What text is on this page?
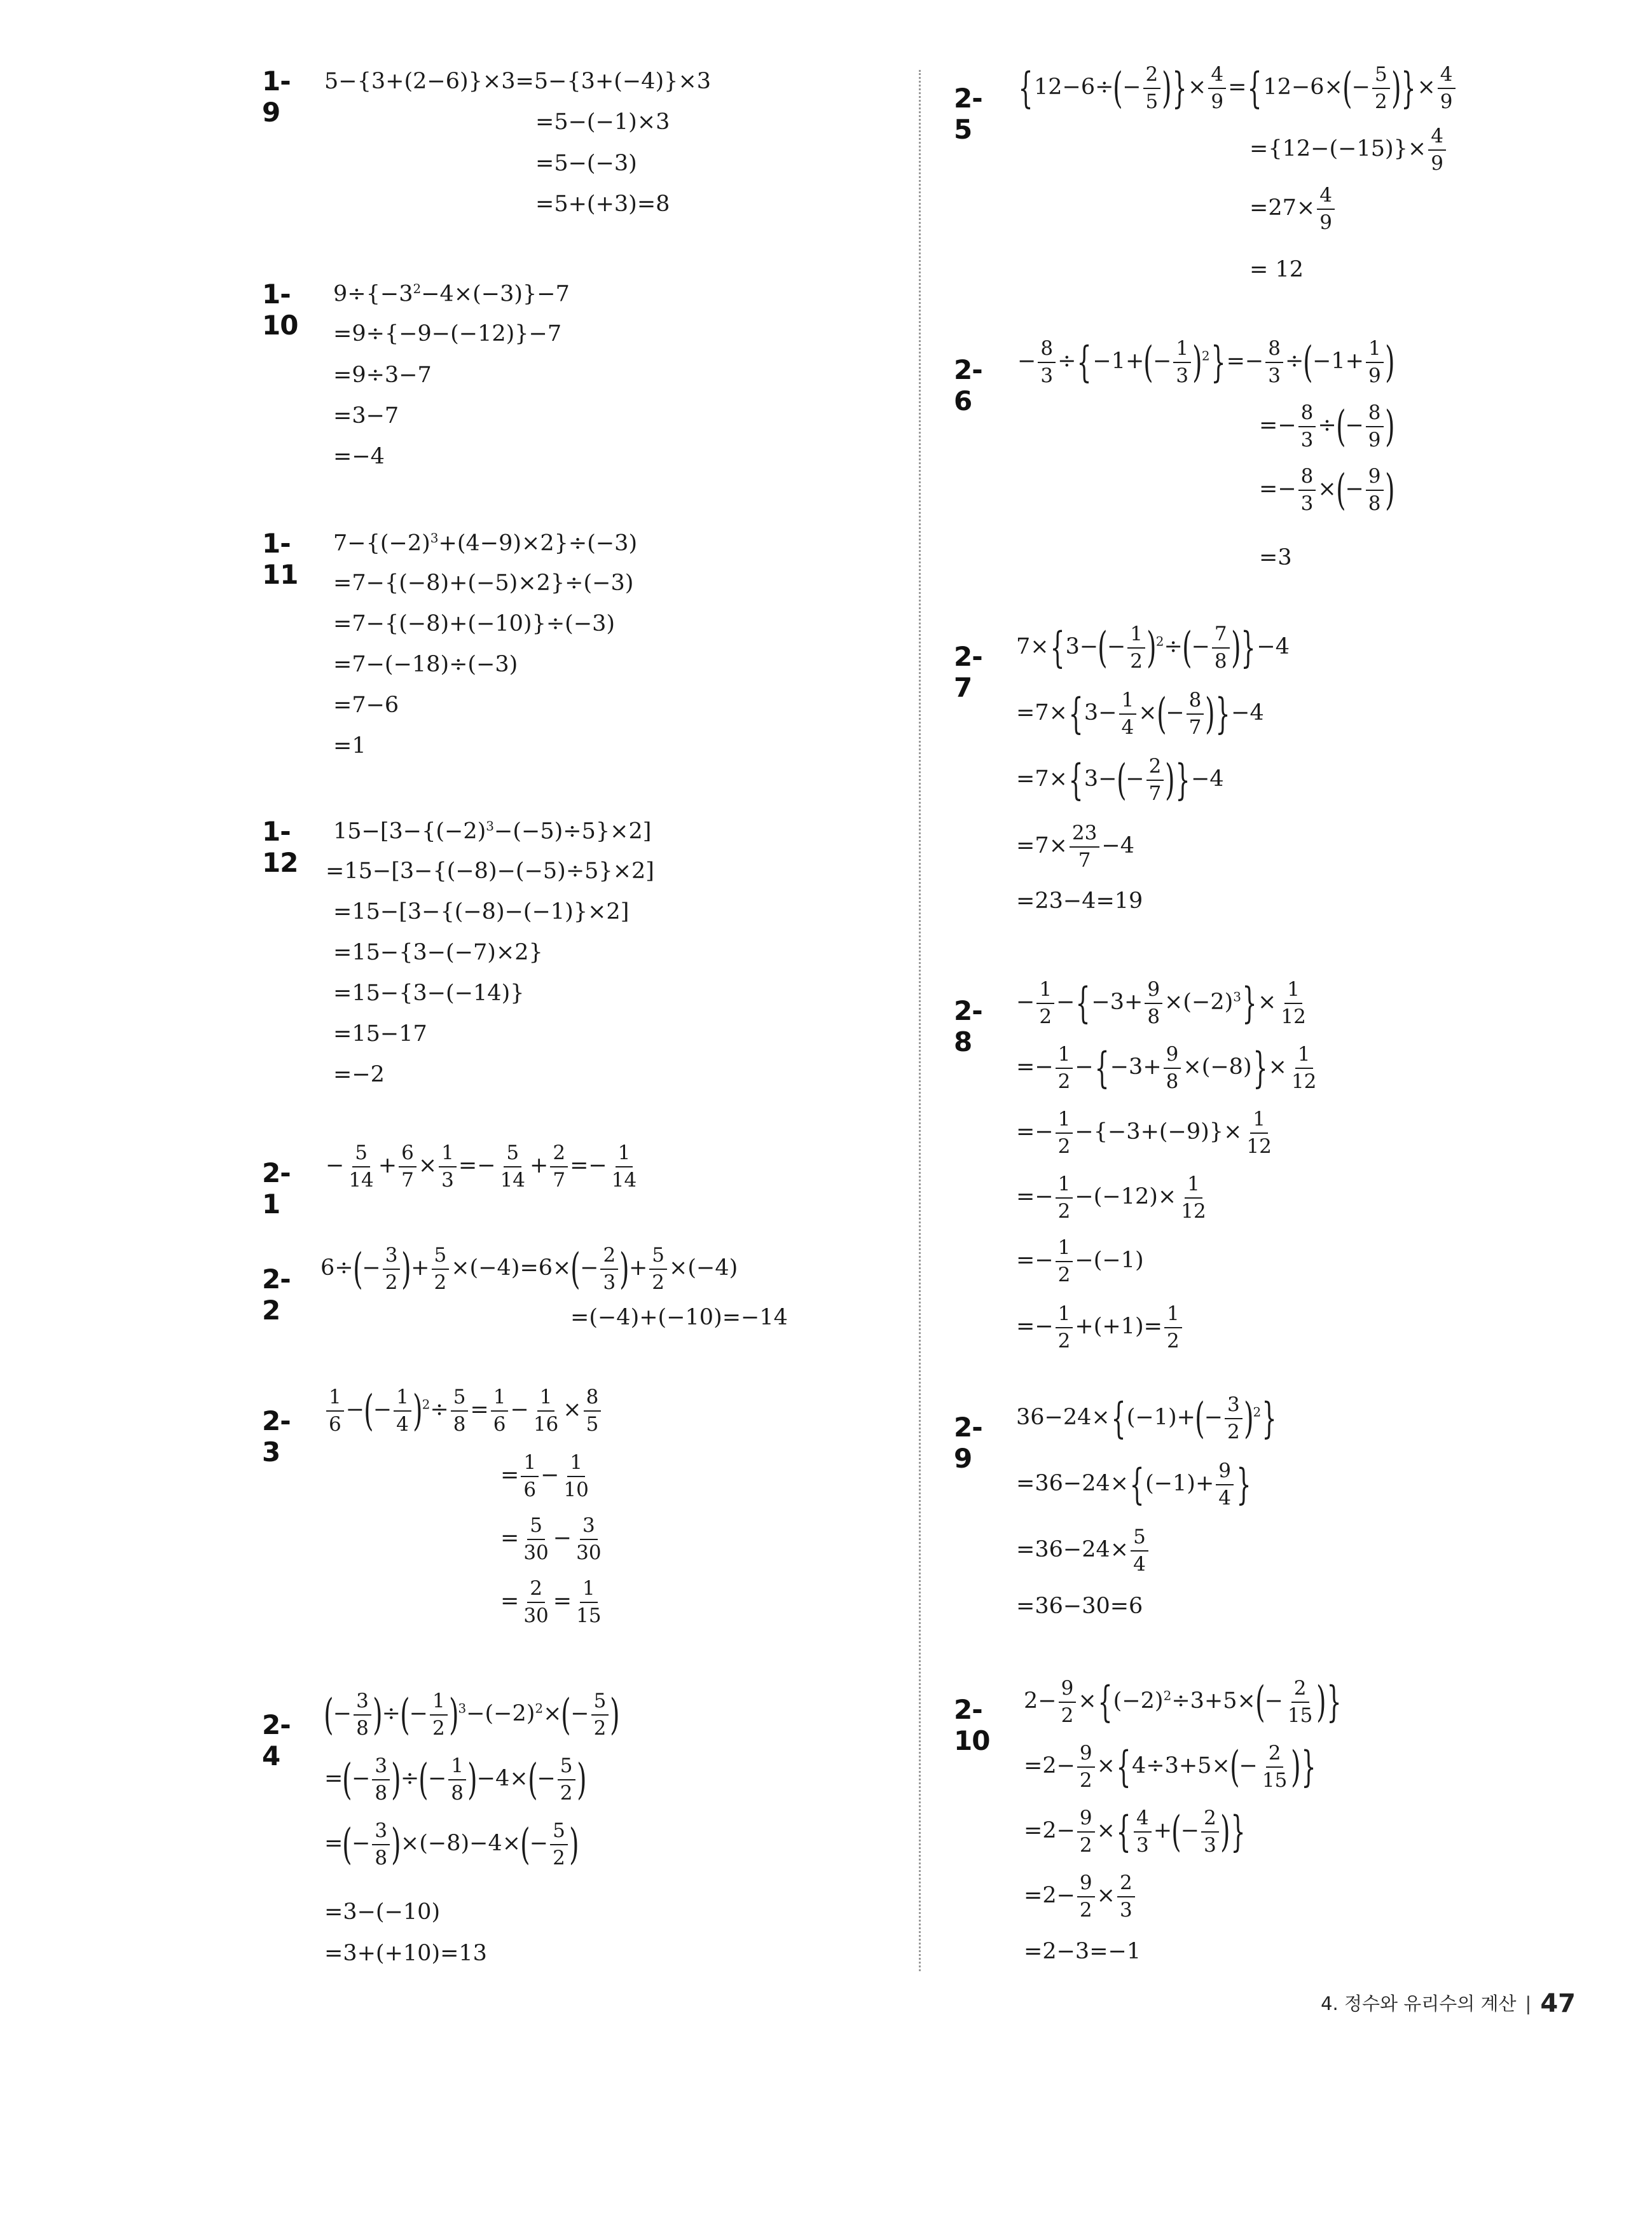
1-9
5−{3+(2−6)}×3=5−{3+(−4)}×3
=5−(−1)×3
=5−(−3)
=5+(+3)=8
1-10
$9\div\{-3^2-4\times(-3)\}-7$
=9÷{−9−(−12)}−7
=9÷3−7
=3−7
=−4
1-11
$7-\{(-2)^3+(4-9)\times 2\}\div(-3)$
=7−{(−8)+(−5)×2}÷(−3)
=7−{(−8)+(−10)}÷(−3)
=7−(−18)÷(−3)
=7−6
=1
1-12
$15-[3-\{(-2)^3-(-5)\div 5\}\times 2]$
=15−[3−{(−8)−(−5)÷5}×2]
=15−[3−{(−8)−(−1)}×2]
=15−{3−(−7)×2}
=15−{3−(−14)}
=15−17
=−2
2-1
− $\frac{5}{14} + \frac{6}{7} \times \frac{1}{3} =- \frac{5}{14} + \frac{2}{7} =- \frac{1}{14}$
2-2
$6\div(- \frac{3}{2}$ )+ $\frac{5}{2} \times(-4)=6\times(- \frac{2}{3}$ )+ $\frac{5}{2} \times(-4)$
=(−4)+(−10)=−14
2-3
$\frac{1}{6}$ −(− $\frac{1}{4} )^2\div \frac{5}{8} = \frac{1}{6} - \frac{1}{16} \times \frac{8}{5}$
= $\frac{1}{6} - \frac{1}{10}$
= $\frac{5}{30} - \frac{3}{30}$
= $\frac{2}{30} = \frac{1}{15}$
2-4
(− $\frac{3}{8}$ )÷(− $\frac{1}{2} )^3-(-2)^2\times(- \frac{5}{2}$ )
=(− $\frac{3}{8}$ )÷(− $\frac{1}{8} )-4\times(- \frac{5}{2}$ )
=(− $\frac{3}{8} )\times(-8)-4\times(- \frac{5}{2}$ )
=3−(−10)
=3+(+10)=13
2-5
{$12-6\div(- \frac{2}{5}$ )}× $\frac{4}{9} =\{12-6\times(- \frac{5}{2}$ )}× $\frac{4}{9}$
$=\{12-(-15)\}\times \frac{4}{9}$
$=27\times \frac{4}{9}$
= 12
2-6
− $\frac{8}{3} \div\{-1+(- \frac{1}{3} )^2\}=- \frac{8}{3} \div(-1+ \frac{1}{9}$ )
=− $\frac{8}{3}$ ÷(− $\frac{8}{9}$ )
=− $\frac{8}{3}$ ×(− $\frac{9}{8}$ )
=3
2-7
$7\times\{3-(- \frac{1}{2} )^2\div(- \frac{7}{8} )\}-4$
$=7\times\{3- \frac{1}{4}$ ×(− $\frac{8}{7} )\}-4$
$=7\times\{3-(- \frac{2}{7} )\}-4$
$=7\times \frac{23}{7} -4$
=23−4=19
2-8
− $\frac{1}{2} -\{-3+ \frac{9}{8} \times(-2)^3\}\times \frac{1}{12}$
=− $\frac{1}{2} -\{-3+ \frac{9}{8} \times(-8)\}\times \frac{1}{12}$
=− $\frac{1}{2} -\{-3+(-9)\}\times \frac{1}{12}$
=− $\frac{1}{2} -(-12)\times \frac{1}{12}$
=− $\frac{1}{2} -(-1)$
=− $\frac{1}{2} +(+1)= \frac{1}{2}$
2-9
$36-24\times\{(-1)+(- \frac{3}{2} )^2\}$
$=36-24\times\{(-1)+ \frac{9}{4}$ }
$=36-24\times \frac{5}{4}$
=36−30=6
2-10
$2- \frac{9}{2} \times\{(-2)^2\div 3+5\times(- \frac{2}{15}$ )}
$=2- \frac{9}{2} \times\{4\div 3+5\times(- \frac{2}{15}$ )}
$=2- \frac{9}{2}$ ×{ $\frac{4}{3}$ +(− $\frac{2}{3}$ )}
$=2- \frac{9}{2} \times \frac{2}{3}$
=2−3=−1
4. 정수와 유리수의 계산 | 47
